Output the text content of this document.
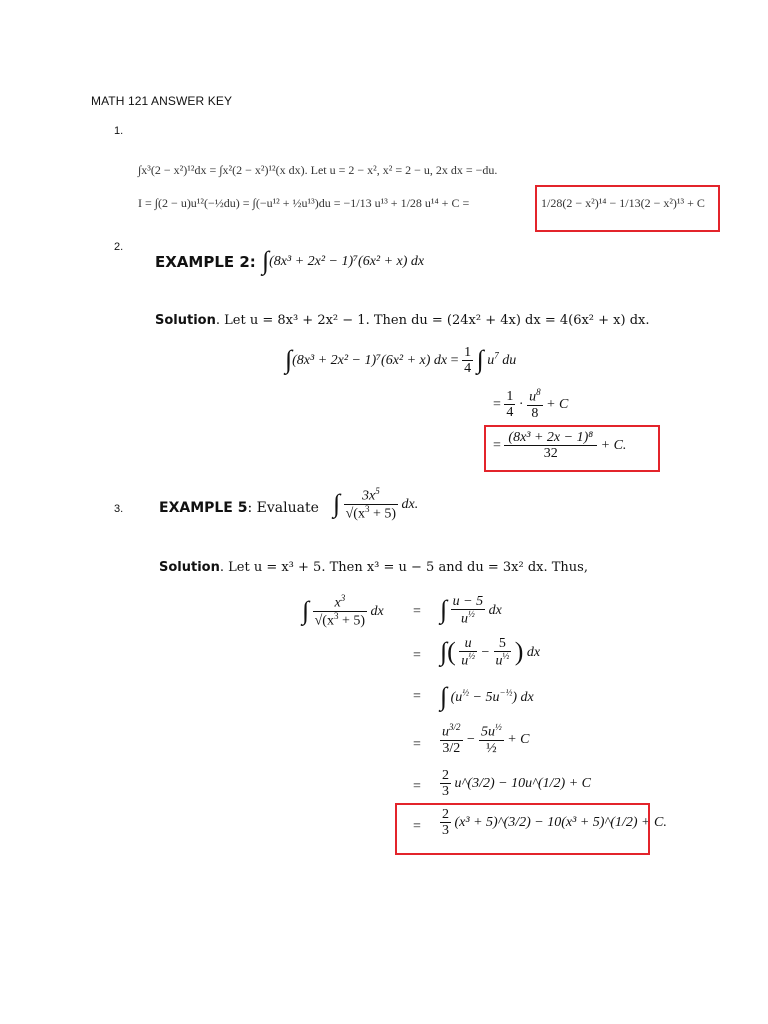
MATH 121 ANSWER KEY
1.
2.
3.
∫x³(2 − x²)¹²dx = ∫x²(2 − x²)¹²(x dx). Let u = 2 − x², x² = 2 − u, 2x dx = −du.
I = ∫(2 − u)u¹²(−½du) = ∫(−u¹² + ½u¹³)du = −1/13 u¹³ + 1/28 u¹⁴ + C =	1/28(2 − x²)¹⁴ − 1/13(2 − x²)¹³ + C
EXAMPLE 2: ∫(8x³ + 2x² − 1)⁷(6x² + x) dx
Solution. Let u = 8x³ + 2x² − 1. Then du = (24x² + 4x) dx = 4(6x² + x) dx.
∫(8x³ + 2x² − 1)⁷(6x² + x) dx = $\frac{1}{4}$ ∫ $u^7$ du
= $\frac{1}{4} \cdot \frac{u^8}{8} + C$
= $\frac{\text{(8x³ + 2x − 1)⁸}}{32} + C$.
EXAMPLE 5: Evaluate ∫ $\frac{3x^5}{√(x^3 + 5)}$ dx.
Solution. Let u = x³ + 5. Then x³ = u − 5 and du = 3x² dx. Thus,
∫ $\frac{x^3}{√(x^3 + 5)}$ dx = ∫ $\frac{u - 5}{u^{\frac{1}{2}}}$ dx
= ∫( $\frac{u}{u^{\frac{1}{2}}} - \frac{5}{u^{\frac{1}{2}}}$ ) dx
= ∫ $(u^{\frac{1}{2}} - 5u^{-\frac{1}{2}})$ dx
= $\frac{u^{3/2}}{3/2} - \frac{5u^{\frac{1}{2}}}{\text{½}} + C$
= $\frac{2}{3}$ u^(3/2) − 10u^(1/2) + C
= $\frac{2}{3} (x^3$ + 5)^(3/2) − 10(x³ + 5)^(1/2) + C.
